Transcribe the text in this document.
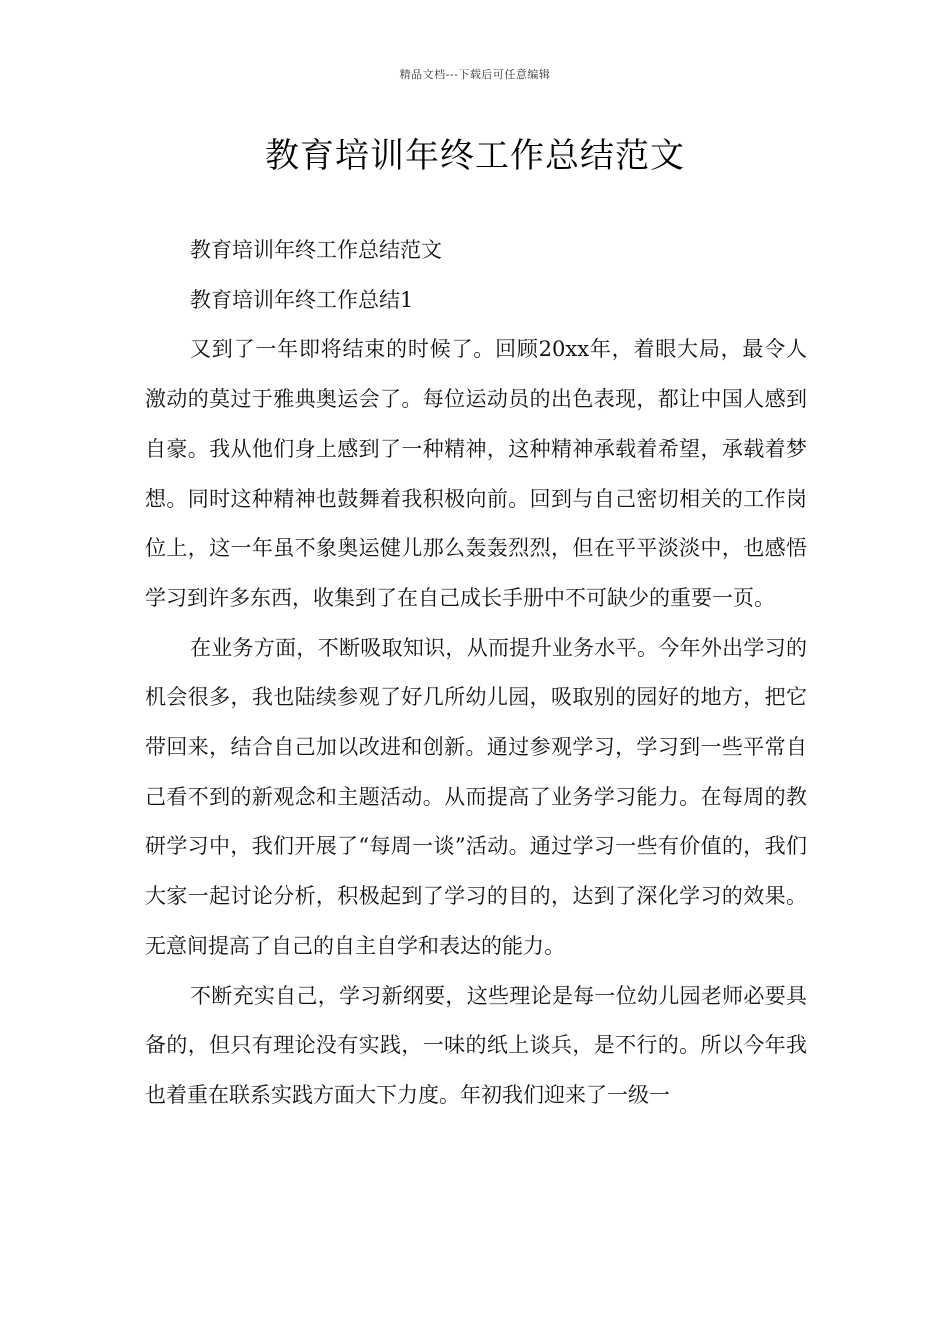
精品文档---下载后可任意编辑
教育培训年终工作总结范文

教育培训年终工作总结范文

教育培训年终工作总结1

又到了一年即将结束的时候了。回顾20xx年，着眼大局，最令人激动的莫过于雅典奥运会了。每位运动员的出色表现，都让中国人感到自豪。我从他们身上感到了一种精神，这种精神承载着希望，承载着梦想。同时这种精神也鼓舞着我积极向前。回到与自己密切相关的工作岗位上，这一年虽不象奥运健儿那么轰轰烈烈，但在平平淡淡中，也感悟学习到许多东西，收集到了在自己成长手册中不可缺少的重要一页。

在业务方面，不断吸取知识，从而提升业务水平。今年外出学习的机会很多，我也陆续参观了好几所幼儿园，吸取别的园好的地方，把它带回来，结合自己加以改进和创新。通过参观学习，学习到一些平常自己看不到的新观念和主题活动。从而提高了业务学习能力。在每周的教研学习中，我们开展了“每周一谈”活动。通过学习一些有价值的，我们大家一起讨论分析，积极起到了学习的目的，达到了深化学习的效果。无意间提高了自己的自主自学和表达的能力。

不断充实自己，学习新纲要，这些理论是每一位幼儿园老师必要具备的，但只有理论没有实践，一味的纸上谈兵，是不行的。所以今年我也着重在联系实践方面大下力度。年初我们迎来了一级一
